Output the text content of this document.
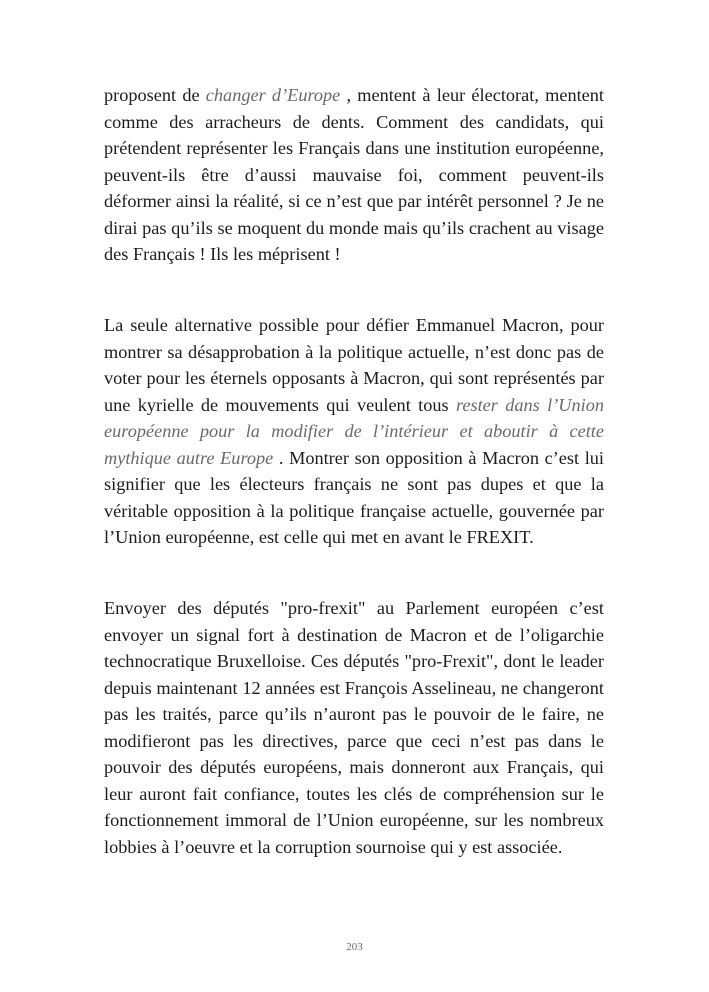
proposent de changer d’Europe , mentent à leur électorat, mentent comme des arracheurs de dents. Comment des candidats, qui prétendent représenter les Français dans une institution européenne, peuvent-ils être d’aussi mauvaise foi, comment peuvent-ils déformer ainsi la réalité, si ce n’est que par intérêt personnel ? Je ne dirai pas qu’ils se moquent du monde mais qu’ils crachent au visage des Français ! Ils les méprisent !

La seule alternative possible pour défier Emmanuel Macron, pour montrer sa désapprobation à la politique actuelle, n’est donc pas de voter pour les éternels opposants à Macron, qui sont représentés par une kyrielle de mouvements qui veulent tous rester dans l’Union européenne pour la modifier de l’intérieur et aboutir à cette mythique autre Europe . Montrer son opposition à Macron c’est lui signifier que les électeurs français ne sont pas dupes et que la véritable opposition à la politique française actuelle, gouvernée par l’Union européenne, est celle qui met en avant le FREXIT.

Envoyer des députés "pro-frexit" au Parlement européen c’est envoyer un signal fort à destination de Macron et de l’oligarchie technocratique Bruxelloise. Ces députés "pro-Frexit", dont le leader depuis maintenant 12 années est François Asselineau, ne changeront pas les traités, parce qu’ils n’auront pas le pouvoir de le faire, ne modifieront pas les directives, parce que ceci n’est pas dans le pouvoir des députés européens, mais donneront aux Français, qui leur auront fait confiance, toutes les clés de compréhension sur le fonctionnement immoral de l’Union européenne, sur les nombreux lobbies à l’oeuvre et la corruption sournoise qui y est associée.

203
